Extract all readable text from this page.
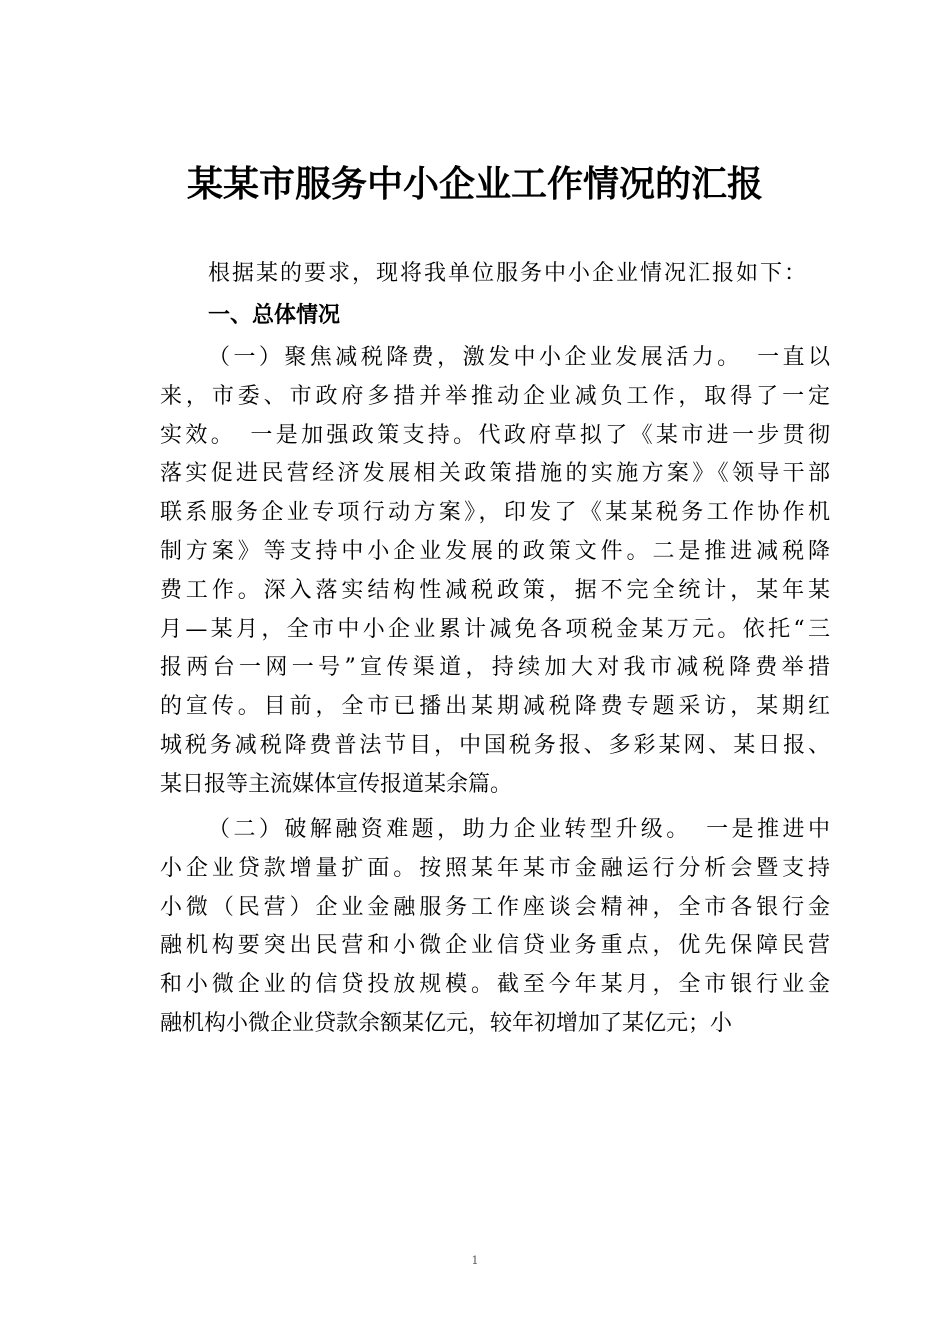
某某市服务中小企业工作情况的汇报

根据某的要求，现将我单位服务中小企业情况汇报如下：

一、总体情况
（一）聚焦减税降费，激发中小企业发展活力。　一直以
来，市委、市政府多措并举推动企业减负工作，取得了一定
实效。　一是加强政策支持。代政府草拟了《某市进一步贯彻
落实促进民营经济发展相关政策措施的实施方案》《领导干部
联系服务企业专项行动方案》，印发了《某某税务工作协作机
制方案》等支持中小企业发展的政策文件。二是推进减税降
费工作。深入落实结构性减税政策，据不完全统计，某年某
月—某月，全市中小企业累计减免各项税金某万元。依托“三
报两台一网一号”宣传渠道，持续加大对我市减税降费举措
的宣传。目前，全市已播出某期减税降费专题采访，某期红
城税务减税降费普法节目，中国税务报、多彩某网、某日报、
某日报等主流媒体宣传报道某余篇。
（二）破解融资难题，助力企业转型升级。　一是推进中
小企业贷款增量扩面。按照某年某市金融运行分析会暨支持
小微（民营）企业金融服务工作座谈会精神，全市各银行金
融机构要突出民营和小微企业信贷业务重点，优先保障民营
和小微企业的信贷投放规模。截至今年某月，全市银行业金
融机构小微企业贷款余额某亿元，较年初增加了某亿元；小

1
